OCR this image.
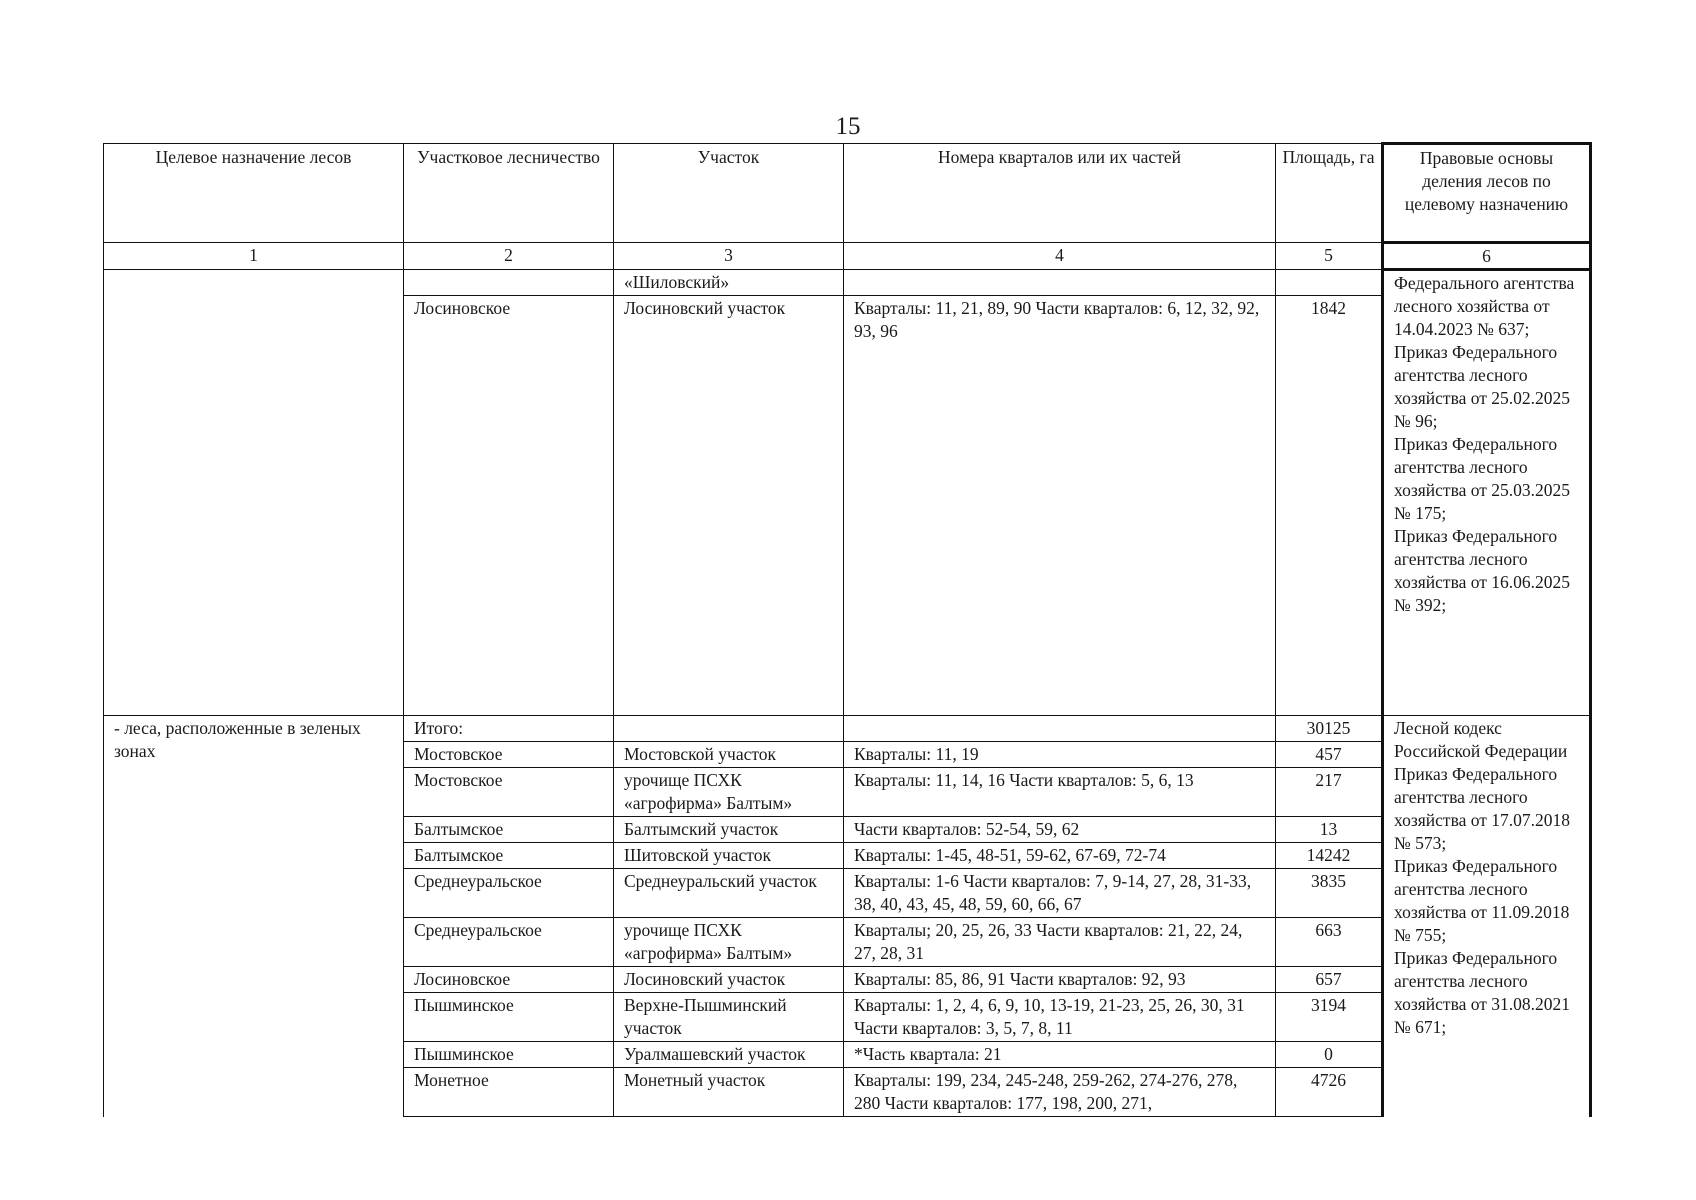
15
Целевое назначение лесов	Участковое лесничество	Участок	Номера кварталов или их частей	Площадь, га	Правовые основы деления лесов по целевому назначению
1	2	3	4	5	6
		«Шиловский»			Федерального агентства лесного хозяйства от 14.04.2023 № 637;
Приказ Федерального агентства лесного хозяйства от 25.02.2025 № 96;
Приказ Федерального агентства лесного хозяйства от 25.03.2025 № 175;
Приказ Федерального агентства лесного хозяйства от 16.06.2025 № 392;

	Лосиновское	Лосиновский участок	Кварталы: 11, 21, 89, 90 Части кварталов: 6, 12, 32, 92, 93, 96	1842	
- леса, расположенные в зеленых зонах	Итого:			30125	Лесной кодекс Российской Федерации
Приказ Федерального агентства лесного хозяйства от 17.07.2018 № 573;
Приказ Федерального агентства лесного хозяйства от 11.09.2018 № 755;
Приказ Федерального агентства лесного хозяйства от 31.08.2021 № 671;

	Мостовское	Мостовской участок	Кварталы: 11, 19	457	
	Мостовское	урочище ПСХК «агрофирма» Балтым»	Кварталы: 11, 14, 16 Части кварталов: 5, 6, 13	217	
	Балтымское	Балтымский участок	Части кварталов: 52-54, 59, 62	13	
	Балтымское	Шитовской участок	Кварталы: 1-45, 48-51, 59-62, 67-69, 72-74	14242	
	Среднеуральское	Среднеуральский участок	Кварталы: 1-6 Части кварталов: 7, 9-14, 27, 28, 31-33, 38, 40, 43, 45, 48, 59, 60, 66, 67	3835	
	Среднеуральское	урочище ПСХК «агрофирма» Балтым»	Кварталы; 20, 25, 26, 33 Части кварталов: 21, 22, 24, 27, 28, 31	663	
	Лосиновское	Лосиновский участок	Кварталы: 85, 86, 91 Части кварталов: 92, 93	657	
	Пышминское	Верхне-Пышминский участок	Кварталы: 1, 2, 4, 6, 9, 10, 13-19, 21-23, 25, 26, 30, 31 Части кварталов: 3, 5, 7, 8, 11	3194	
	Пышминское	Уралмашевский участок	*Часть квартала: 21	0	
	Монетное	Монетный участок	Кварталы: 199, 234, 245-248, 259-262, 274-276, 278, 280 Части кварталов: 177, 198, 200, 271,	4726	
